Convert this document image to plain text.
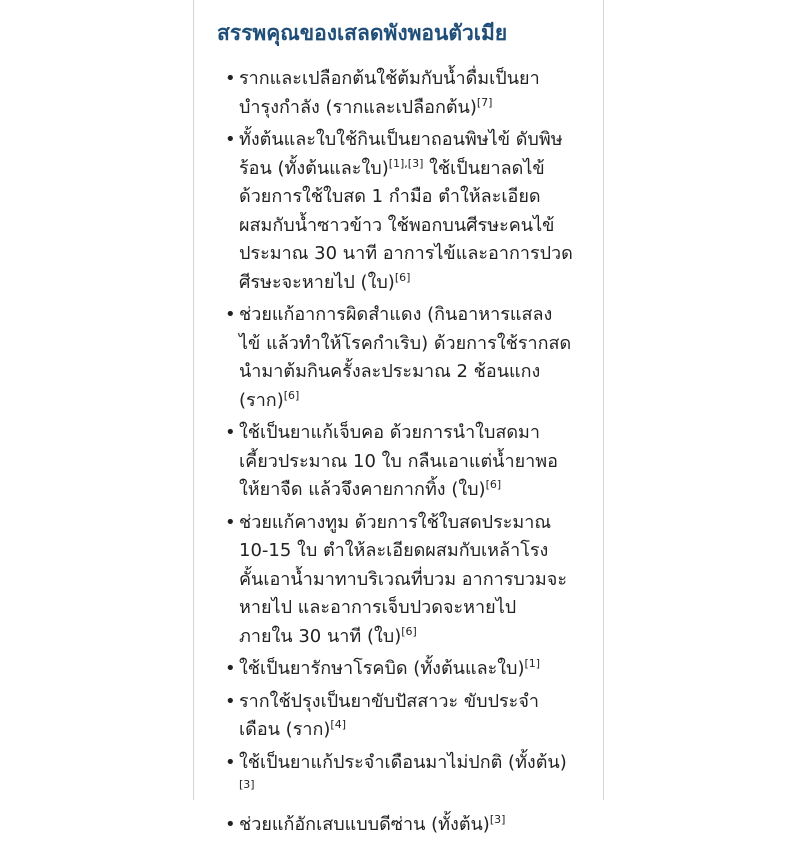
สรรพคุณของเสลดพังพอนตัวเมีย
• รากและเปลือกต้นใช้ต้มกับน้ำดื่มเป็นยา
บำรุงกำลัง (รากและเปลือกต้น)[7]
• ทั้งต้นและใบใช้กินเป็นยาถอนพิษไข้ ดับพิษ
ร้อน (ทั้งต้นและใบ)[1],[3] ใช้เป็นยาลดไข้
ด้วยการใช้ใบสด 1 กำมือ ตำให้ละเอียด
ผสมกับน้ำซาวข้าว ใช้พอกบนศีรษะคนไข้
ประมาณ 30 นาที อาการไข้และอาการปวด
ศีรษะจะหายไป (ใบ)[6]
• ช่วยแก้อาการผิดสำแดง (กินอาหารแสลง
ไข้ แล้วทำให้โรคกำเริบ) ด้วยการใช้รากสด
นำมาต้มกินครั้งละประมาณ 2 ช้อนแกง
(ราก)[6]
• ใช้เป็นยาแก้เจ็บคอ ด้วยการนำใบสดมา
เคี้ยวประมาณ 10 ใบ กลืนเอาแต่น้ำยาพอ
ให้ยาจืด แล้วจึงคายกากทิ้ง (ใบ)[6]
• ช่วยแก้คางทูม ด้วยการใช้ใบสดประมาณ
10-15 ใบ ตำให้ละเอียดผสมกับเหล้าโรง
คั้นเอาน้ำมาทาบริเวณที่บวม อาการบวมจะ
หายไป และอาการเจ็บปวดจะหายไป
ภายใน 30 นาที (ใบ)[6]
• ใช้เป็นยารักษาโรคบิด (ทั้งต้นและใบ)[1]
• รากใช้ปรุงเป็นยาขับปัสสาวะ ขับประจำ
เดือน (ราก)[4]
• ใช้เป็นยาแก้ประจำเดือนมาไม่ปกติ (ทั้งต้น)
[3]
• ช่วยแก้อักเสบแบบดีซ่าน (ทั้งต้น)[3]
